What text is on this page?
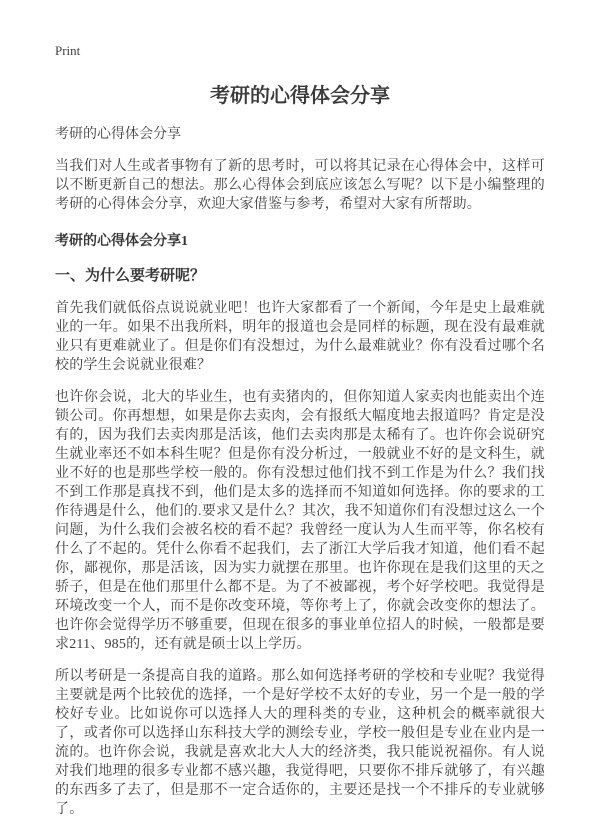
Print
考研的心得体会分享
考研的心得体会分享

当我们对人生或者事物有了新的思考时，可以将其记录在心得体会中，这样可以不断更新自己的想法。那么心得体会到底应该怎么写呢？以下是小编整理的考研的心得体会分享，欢迎大家借鉴与参考，希望对大家有所帮助。

考研的心得体会分享1
一、为什么要考研呢？

首先我们就低俗点说说就业吧！也许大家都看了一个新闻，今年是史上最难就业的一年。如果不出我所料，明年的报道也会是同样的标题，现在没有最难就业只有更难就业了。但是你们有没想过，为什么最难就业？你有没看过哪个名校的学生会说就业很难？

也许你会说，北大的毕业生，也有卖猪肉的，但你知道人家卖肉也能卖出个连锁公司。你再想想，如果是你去卖肉，会有报纸大幅度地去报道吗？肯定是没有的，因为我们去卖肉那是活该，他们去卖肉那是太稀有了。也许你会说研究生就业率还不如本科生呢？但是你有没分析过，一般就业不好的是文科生，就业不好的也是那些学校一般的。你有没想过他们找不到工作是为什么？我们找不到工作那是真找不到，他们是太多的选择而不知道如何选择。你的要求的工作待遇是什么，他们的.要求又是什么？其次，我不知道你们有没想过这么一个问题，为什么我们会被名校的看不起？我曾经一度认为人生而平等，你名校有什么了不起的。凭什么你看不起我们，去了浙江大学后我才知道，他们看不起你，鄙视你，那是活该，因为实力就摆在那里。也许你现在是我们这里的天之骄子，但是在他们那里什么都不是。为了不被鄙视，考个好学校吧。我觉得是环境改变一个人，而不是你改变环境，等你考上了，你就会改变你的想法了。也许你会觉得学历不够重要，但现在很多的事业单位招人的时候，一般都是要求211、985的，还有就是硕士以上学历。

所以考研是一条提高自我的道路。那么如何选择考研的学校和专业呢？我觉得主要就是两个比较优的选择，一个是好学校不太好的专业，另一个是一般的学校好专业。比如说你可以选择人大的理科类的专业，这种机会的概率就很大了，或者你可以选择山东科技大学的测绘专业，学校一般但是专业在业内是一流的。也许你会说，我就是喜欢北大人大的经济类，我只能说祝福你。有人说对我们地理的很多专业都不感兴趣，我觉得吧，只要你不排斥就够了，有兴趣的东西多了去了，但是那不一定合适你的，主要还是找一个不排斥的专业就够了。
